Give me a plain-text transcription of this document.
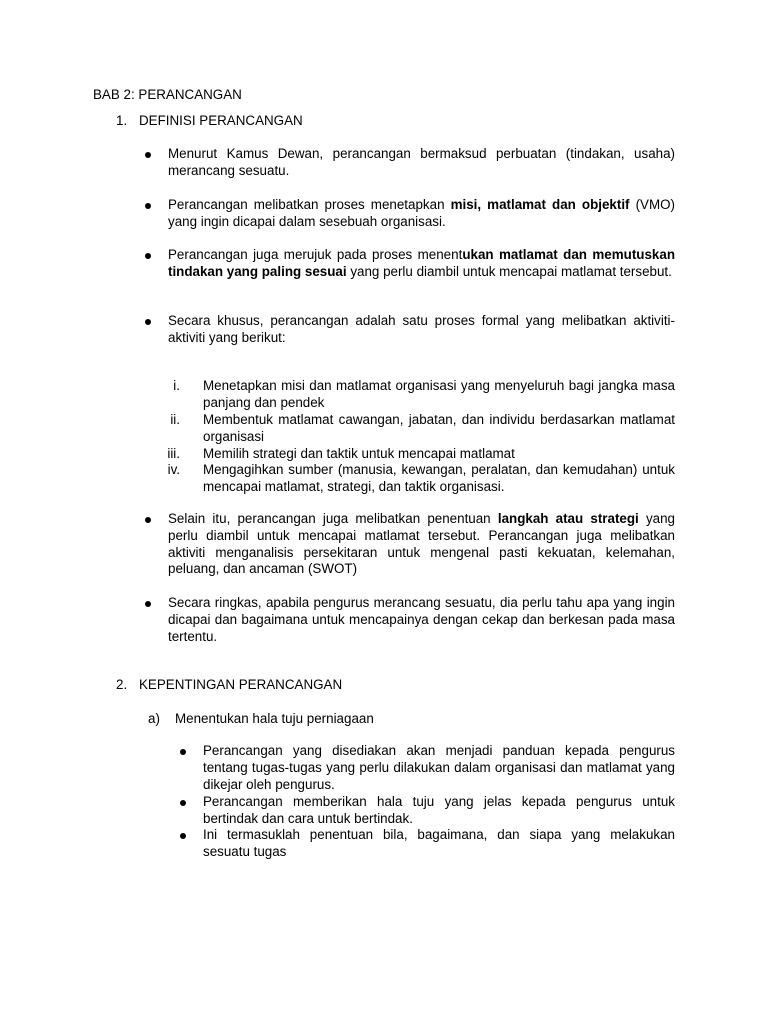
BAB 2: PERANCANGAN
1. DEFINISI PERANCANGAN
Menurut Kamus Dewan, perancangan bermaksud perbuatan (tindakan, usaha) merancang sesuatu.
Perancangan melibatkan proses menetapkan misi, matlamat dan objektif (VMO) yang ingin dicapai dalam sesebuah organisasi.
Perancangan juga merujuk pada proses menentukan matlamat dan memutuskan tindakan yang paling sesuai yang perlu diambil untuk mencapai matlamat tersebut.
Secara khusus, perancangan adalah satu proses formal yang melibatkan aktiviti-aktiviti yang berikut:
i. Menetapkan misi dan matlamat organisasi yang menyeluruh bagi jangka masa panjang dan pendek
ii. Membentuk matlamat cawangan, jabatan, dan individu berdasarkan matlamat organisasi
iii. Memilih strategi dan taktik untuk mencapai matlamat
iv. Mengagihkan sumber (manusia, kewangan, peralatan, dan kemudahan) untuk mencapai matlamat, strategi, dan taktik organisasi.
Selain itu, perancangan juga melibatkan penentuan langkah atau strategi yang perlu diambil untuk mencapai matlamat tersebut. Perancangan juga melibatkan aktiviti menganalisis persekitaran untuk mengenal pasti kekuatan, kelemahan, peluang, dan ancaman (SWOT)
Secara ringkas, apabila pengurus merancang sesuatu, dia perlu tahu apa yang ingin dicapai dan bagaimana untuk mencapainya dengan cekap dan berkesan pada masa tertentu.
2. KEPENTINGAN PERANCANGAN
a) Menentukan hala tuju perniagaan
Perancangan yang disediakan akan menjadi panduan kepada pengurus tentang tugas-tugas yang perlu dilakukan dalam organisasi dan matlamat yang dikejar oleh pengurus.
Perancangan memberikan hala tuju yang jelas kepada pengurus untuk bertindak dan cara untuk bertindak.
Ini termasuklah penentuan bila, bagaimana, dan siapa yang melakukan sesuatu tugas
